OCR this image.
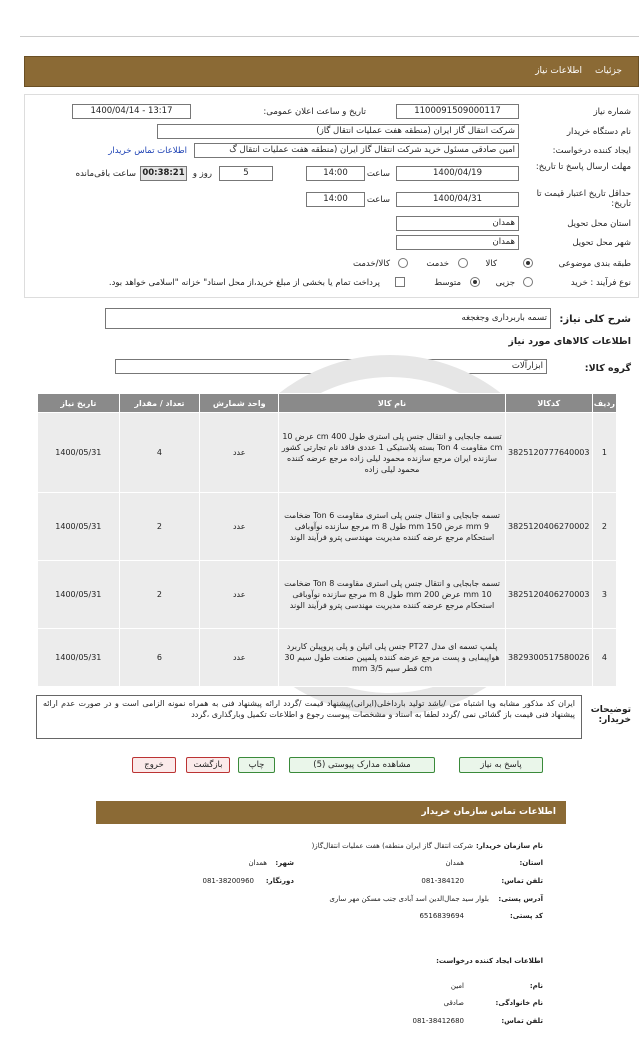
جزئیات
اطلاعات نیاز
شماره نیاز
1100091509000117
تاریخ و ساعت اعلان عمومی:
1400/04/14 - 13:17
نام دستگاه خریدار
شرکت انتقال گاز ایران (منطقه هفت عملیات انتقال گاز)
ایجاد کننده درخواست:
امین صادقی مسئول خرید شرکت انتقال گاز ایران (منطقه هفت عملیات انتقال گ
اطلاعات تماس خریدار
مهلت ارسال پاسخ تا تاریخ:
1400/04/19
ساعت
14:00
5
روز و
00:38:21
ساعت باقی‌مانده
حداقل تاریخ اعتبار قیمت تا تاریخ:
1400/04/31
ساعت
14:00
استان محل تحویل
همدان
شهر محل تحویل
همدان
طبقه بندی موضوعی
کالا
خدمت
کالا/خدمت
نوع فرآیند : خرید
جزیی
متوسط
پرداخت تمام یا بخشی از مبلغ خرید،از محل اسناد" خزانه "اسلامی خواهد بود.
شرح کلی نیاز:
تسمه باربرداری وجغجغه
اطلاعات کالاهای مورد نیاز
گروه کالا:
ابزارآلات
ردیف	کدکالا	نام کالا	واحد شمارش	تعداد / مقدار	تاریخ نیاز
1	3825120777640003	تسمه جابجایی و انتقال جنس پلی استری طول 400 cm عرض 10 cm مقاومت 4 Ton بسته پلاستیکی 1 عددی فاقد نام تجارتی کشور سازنده ایران مرجع سازنده محمود لیلی زاده مرجع عرضه کننده محمود لیلی زاده	عدد	4	1400/05/31
2	3825120406270002	تسمه جابجایی و انتقال جنس پلی استری مقاومت 6 Ton ضخامت 9 mm عرض 150 mm طول 8 m مرجع سازنده نوآوبافی استحکام مرجع عرضه کننده مدیریت مهندسی پترو فرآیند الوند	عدد	2	1400/05/31
3	3825120406270003	تسمه جابجایی و انتقال جنس پلی استری مقاومت 8 Ton ضخامت 10 mm عرض 200 mm طول 8 m مرجع سازنده نوآوبافی استحکام مرجع عرضه کننده مدیریت مهندسی پترو فرآیند الوند	عدد	2	1400/05/31
4	3829300517580026	پلمپ تسمه ای مدل PT27 جنس پلی اتیلن و پلی پروپیلن کاربرد هواپیمایی و پست مرجع عرضه کننده پلمپین صنعت طول سیم 30 cm قطر سیم 3/5 mm	عدد	6	1400/05/31
توضیحات خریدار:
ایران کد مذکور مشابه ویا اشتباه می /باشد تولید بارداخلی(ایرانی)پیشنهاد قیمت /گردد ارائه پیشنهاد فنی به همراه نمونه الزامی است و در صورت عدم ارائه پیشنهاد فنی قیمت باز گشائی نمی /گردد لطفا به اسناد و مشخصات پیوست رجوع و اطلاعات تکمیل وبارگذاری ،گردد
پاسخ به نیاز
مشاهده مدارک پیوستی (5)
چاپ
بازگشت
خروج
اطلاعات تماس سازمان خریدار
نام سازمان خریدار:
شرکت انتقال گاز ایران منطقه) هفت عملیات انتقال‌گاز(
استان:
همدان
شهر:
همدان
تلفن تماس:
081-384120
دورنگار:
081-38200960
آدرس پستی:
بلوار سید جمال‌الدین اسد آبادی جنب مسکن مهر ساری
کد پستی:
6516839694
اطلاعات ایجاد کننده درخواست:
نام:
امین
نام خانوادگی:
صادقی
تلفن تماس:
081-38412680
